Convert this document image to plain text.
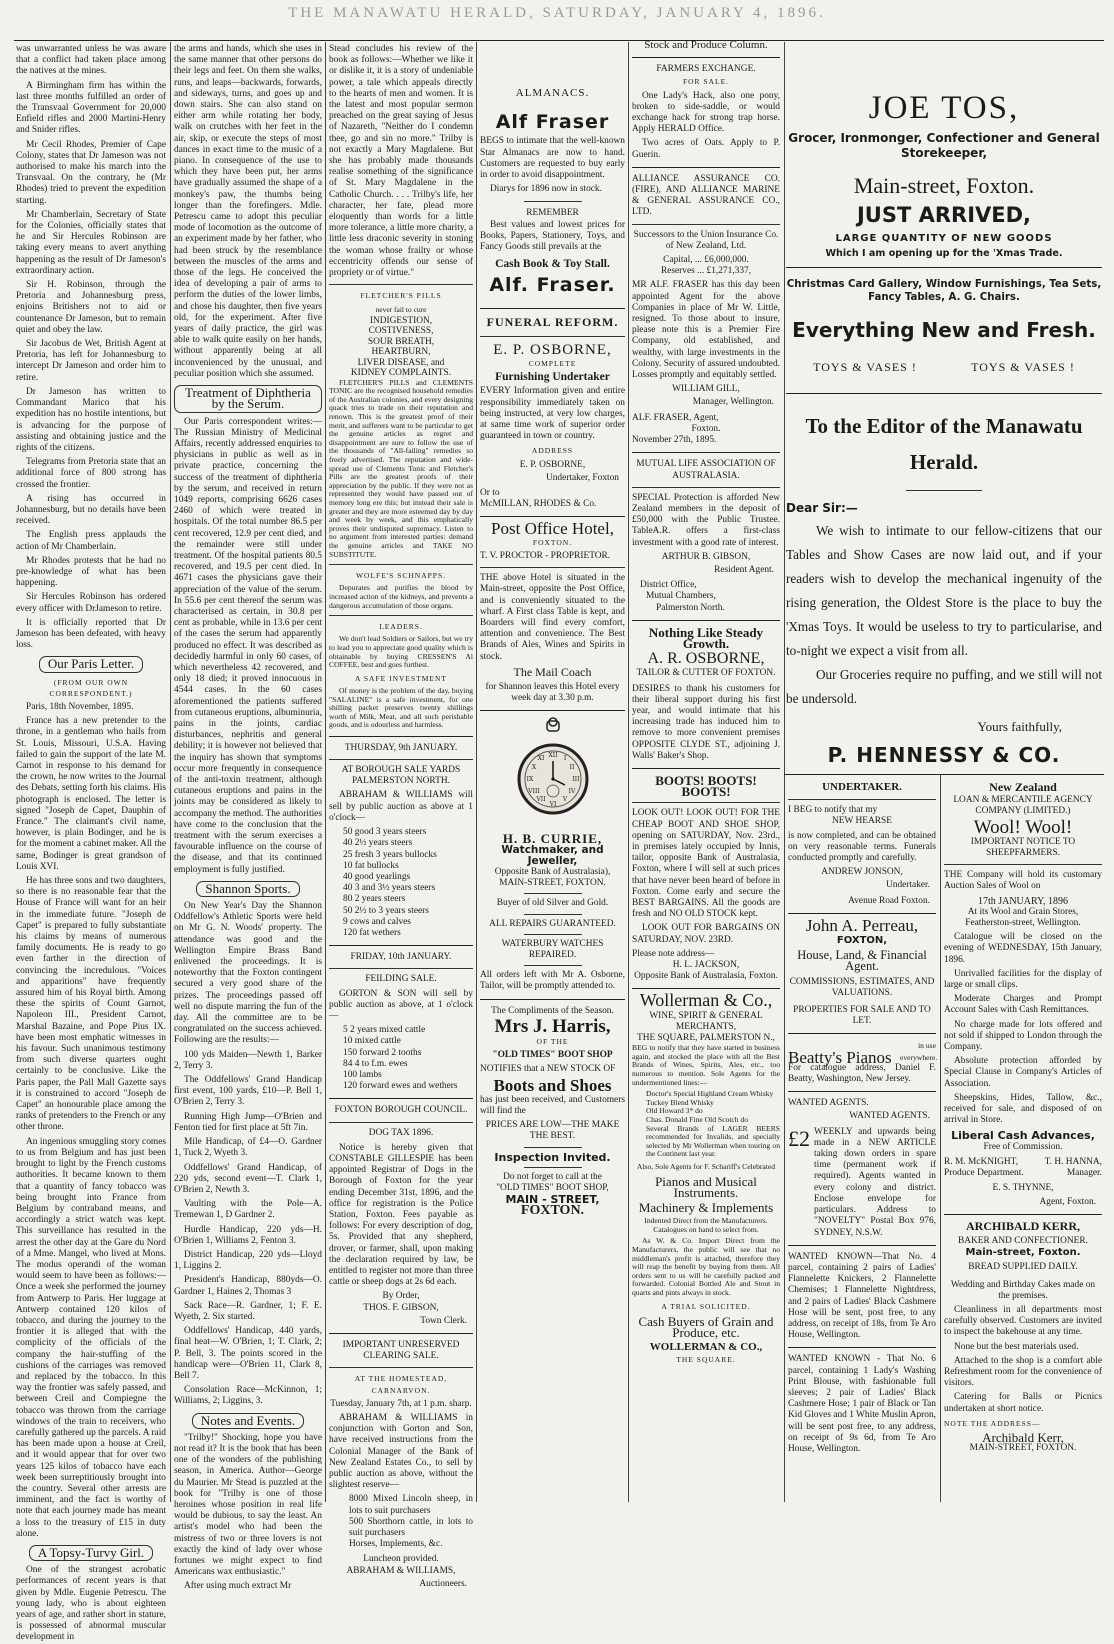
THE MANAWATU HERALD, SATURDAY, JANUARY 4, 1896.

was unwarranted unless he was aware that a conflict had taken place among the natives at the mines.

A Birmingham firm has within the last three months fulfilled an order of the Transvaal Government for 20,000 Enfield rifles and 2000 Martini-Henry and Snider rifles.

Mr Cecil Rhodes, Premier of Cape Colony, states that Dr Jameson was not authorised to make his march into the Transvaal. On the contrary, he (Mr Rhodes) tried to prevent the expedition starting.

Mr Chamberlain, Secretary of State for the Colonies, officially states that he and Sir Hercules Robinson are taking every means to avert anything happening as the result of Dr Jameson's extraordinary action.

Sir H. Robinson, through the Pretoria and Johannesburg press, enjoins Britishers not to aid or countenance Dr Jameson, but to remain quiet and obey the law.

Sir Jacobus de Wet, British Agent at Pretoria, has left for Johannesburg to intercept Dr Jameson and order him to retire.

Dr Jameson has written to Commandant Marico that his expedition has no hostile intentions, but is advancing for the purpose of assisting and obtaining justice and the rights of the citizens.

Telegrams from Pretoria state that an additional force of 800 strong has crossed the frontier.

A rising has occurred in Johannesburg, but no details have been received.

The English press applauds the action of Mr Chamberlain.

Mr Rhodes protests that he had no pre-knowledge of what has been happening.

Sir Hercules Robinson has ordered every officer with DrJameson to retire.

It is officially reported that Dr Jameson has been defeated, with heavy loss.

Our Paris Letter.
(FROM OUR OWN CORRESPONDENT.)

Paris, 18th November, 1895.

France has a new pretender to the throne, in a gentleman who hails from St. Louis, Missouri, U.S.A. Having failed to gain the support of the late M. Carnot in response to his demand for the crown, he now writes to the Journal des Debats, setting forth his claims. His photograph is enclosed. The letter is signed "Joseph de Capet, Dauphin of France." The claimant's civil name, however, is plain Bodinger, and he is for the moment a cabinet maker. All the same, Bodinger is great grandson of Louis XVI.

He has three sons and two daughters, so there is no reasonable fear that the House of France will want for an heir in the immediate future. "Joseph de Capet" is prepared to fully substantiate his claims by means of numerous family documents. He is ready to go even farther in the direction of convincing the incredulous. "Voices and apparitions" have frequently assured him of his Royal birth. Among these the spirits of Count Garnot, Napoleon III., President Carnot, Marshal Bazaine, and Pope Pius IX. have been most emphatic witnesses in his favour. Such unanimous testimony from such diverse quarters ought certainly to be conclusive. Like the Paris paper, the Pall Mall Gazette says it is constrained to accord "Joseph de Capet" an honourable place among the ranks of pretenders to the French or any other throne.

An ingenious smuggling story comes to us from Belgium and has just been brought to light by the French customs authorities. It became known to them that a quantity of fancy tobacco was being brought into France from Belgium by contraband means, and accordingly a strict watch was kept. This surveillance has resulted in the arrest the other day at the Gare du Nord of a Mme. Mangel, who lived at Mons. The modus operandi of the woman would seem to have been as follows:—Once a week she performed the journey from Antwerp to Paris. Her luggage at Antwerp contained 120 kilos of tobacco, and during the journey to the frontier it is alleged that with the complicity of the officials of the company the hair-stuffing of the cushions of the carriages was removed and replaced by the tobacco. In this way the frontier was safely passed, and between Creil and Compiegne the tobacco was thrown from the carriage windows of the train to receivers, who carefully gathered up the parcels. A raid has been made upon a house at Creil, and it would appear that for over two years 125 kilos of tobacco have each week been surreptitiously brought into the country. Several other arrests are imminent, and the fact is worthy of note that each journey made has meant a loss to the treasury of £15 in duty alone.

A Topsy-Turvy Girl.

One of the strangest acrobatic performances of recent years is that given by Mdle. Eugenie Petrescu. The young lady, who is about eighteen years of age, and rather short in stature, is possessed of abnormal muscular development in

the arms and hands, which she uses in the same manner that other persons do their legs and feet. On them she walks, runs, and leaps—backwards, forwards, and sideways, turns, and goes up and down stairs. She can also stand on either arm while rotating her body, walk on crutches with her feet in the air, skip, or execute the steps of most dances in exact time to the music of a piano. In consequence of the use to which they have been put, her arms have gradually assumed the shape of a monkey's paw, the thumbs being longer than the forefingers. Mdle. Petrescu came to adopt this peculiar mode of locomotion as the outcome of an experiment made by her father, who had been struck by the resemblance between the muscles of the arms and those of the legs. He conceived the idea of developing a pair of arms to perform the duties of the lower limbs, and chose his daughter, then five years old, for the experiment. After five years of daily practice, the girl was able to walk quite easily on her hands, without apparently being at all inconvenienced by the unusual, and peculiar position which she assumed.

Treatment of Diphtheria by the Serum.

Our Paris correspondent writes:—The Russian Ministry of Medicinal Affairs, recently addressed enquiries to physicians in public as well as in private practice, concerning the success of the treatment of diphtheria by the serum, and received in return 1049 reports, comprising 6626 cases 2460 of which were treated in hospitals. Of the total number 86.5 per cent recovered, 12.9 per cent died, and the remainder were still under treatment. Of the hospital patients 80.5 recovered, and 19.5 per cent died. In 4671 cases the physicians gave their appreciation of the value of the serum. In 55.6 per cent thereof the serum was characterised as certain, in 30.8 per cent as probable, while in 13.6 per cent of the cases the serum had apparently produced no effect. It was described as decidedly harmful in only 60 cases, of which nevertheless 42 recovered, and only 18 died; it proved innocuous in 4544 cases. In the 60 cases aforementioned the patients suffered from cutaneous eruptions, albuminuria, pains in the joints, cardiac disturbances, nephritis and general debility; it is however not believed that the inquiry has shown that symptoms occur more frequently in consequence of the anti-toxin treatment, although cutaneous eruptions and pains in the joints may be considered as likely to accompany the method. The authorities have come to the conclusion that the treatment with the serum exercises a favourable influence on the course of the disease, and that its continued employment is fully justified.

Shannon Sports.

On New Year's Day the Shannon Oddfellow's Athletic Sports were held on Mr G. N. Woods' property. The attendance was good and the Wellington Empire Brass Band enlivened the proceedings. It is noteworthy that the Foxton contingent secured a very good share of the prizes. The proceedings passed off well no dispute marring the fun of the day. All the committee are to be congratulated on the success achieved. Following are the results:—

100 yds Maiden—Newth 1, Barker 2, Terry 3.

The Oddfellows' Grand Handicap first event, 100 yards, £10—P. Bell 1, O'Brien 2, Terry 3.

Running High Jump—O'Brien and Fenton tied for first place at 5ft 7in.

Mile Handicap, of £4—O. Gardner 1, Tuck 2, Wyeth 3.

Oddfellows' Grand Handicap, of 220 yds, second event—T. Clark 1, O'Brien 2, Newth 3.

Vaulting with the Pole—A. Tremewan 1, D Gardner 2.

Hurdle Handicap, 220 yds—H. O'Brien 1, Williams 2, Fenton 3.

District Handicap, 220 yds—Lloyd 1, Liggins 2.

President's Handicap, 880yds—O. Gardner 1, Haines 2, Thomas 3

Sack Race—R. Gardner, 1; F. E. Wyeth, 2. Six started.

Oddfellows' Handicap, 440 yards, final heat—W. O'Brien, 1; T. Clark, 2; P. Bell, 3. The points scored in the handicap were—O'Brien 11, Clark 8, Bell 7.

Consolation Race—McKinnon, 1; Williams, 2; Liggins, 3.

Notes and Events.

"Trilby!" Shocking, hope you have not read it? It is the book that has been one of the wonders of the publishing season, in America. Author—George du Maurier. Mr Stead is puzzled at the book for "Trilby is one of those heroines whose position in real life would be dubious, to say the least. An artist's model who had been the mistress of two or three lovers is not exactly the kind of lady over whose fortunes we might expect to find Americans wax enthusiastic."

After using much extract Mr

Stead concludes his review of the book as follows:—Whether we like it or dislike it, it is a story of undeniable power, a tale which appeals directly to the hearts of men and women. It is the latest and most popular sermon preached on the great saying of Jesus of Nazareth, "Neither do I condemn thee, go and sin no more." Trilby is not exactly a Mary Magdalene. But she has probably made thousands realise something of the significance of St. Mary Magdalene in the Catholic Church. . . . Trilby's life, her character, her fate, plead more eloquently than words for a little more tolerance, a little more charity, a little less draconic severity in stoning the woman whose frailty or whose eccentricity offends our sense of propriety or of virtue."

FLETCHER'S PILLS
never fail to cure
INDIGESTION,
COSTIVENESS,
SOUR BREATH,
HEARTBURN,
LIVER DISEASE, and
KIDNEY COMPLAINTS.

FLETCHER'S PILLS and CLEMENTS TONIC are the recognised household remedies of the Australian colonies, and every designing quack tries to trade on their reputation and renown. This is the greatest proof of their merit, and sufferers want to be particular to get the genuine articles as regret and disappointment are sure to follow the use of the thousands of "All-failing" remedies so freely advertised. The reputation and wide-spread use of Clements Tonic and Fletcher's Pills are the greatest proofs of their appreciation by the public. If they were not as represented they would have passed out of memory long ere this; but instead their sale is greater and they are more esteemed day by day and week by week, and this emphatically proves their undisputed supremacy. Listen to no argument from interested parties: demand the genuine articles and TAKE NO SUBSTITUTE.

WOLFE'S SCHNAPPS.

Depurates and purifies the blood by increased action of the kidneys, and prevents a dangerous accumulation of those organs.

LEADERS.

We don't lead Soldiers or Sailors, but we try to lead you to appreciate good quality which is obtainable by buying CRESSEN'S Al COFFEE, best and goes furthest.

A SAFE INVESTMENT

Of money is the problem of the day, buying "SALALINE" is a safe investment, for one shilling packet preserves twenty shillings worth of Milk, Meat, and all such perishable goods, and is odourless and harmless.

THURSDAY, 9th JANUARY.
AT BOROUGH SALE YARDS PALMERSTON NORTH.

ABRAHAM & WILLIAMS will sell by public auction as above at 1 o'clock—

50 good 3 years steers
40 2½ years steers
25 fresh 3 years bullocks
10 fat bullocks
40 good yearlings
40 3 and 3½ years steers
80 2 years steers
50 2½ to 3 years steers
9 cows and calves
120 fat wethers
FRIDAY, 10th JANUARY.
FEILDING SALE.

GORTON & SON will sell by public auction as above, at 1 o'clock—

5 2 years mixed cattle
10 mixed cattle
150 forward 2 tooths
84 4 to f.m. ewes
100 lambs
120 forward ewes and wethers
FOXTON BOROUGH COUNCIL.
DOG TAX 1896.

Notice is hereby given that CONSTABLE GILLESPIE has been appointed Registrar of Dogs in the Borough of Foxton for the year ending December 31st, 1896, and the office for registration is the Police Station, Foxton. Fees payable as follows: For every description of dog, 5s. Provided that any shepherd, drover, or farmer, shall, upon making the declaration required by law, be entitled to register not more than three cattle or sheep dogs at 2s 6d each.

By Order,
THOS. F. GIBSON,
Town Clerk.
IMPORTANT UNRESERVED CLEARING SALE.
AT THE HOMESTEAD, CARNARVON.
Tuesday, January 7th, at 1 p.m. sharp.

ABRAHAM & WILLIAMS in conjunction with Gorton and Son, have received instructions from the Colonial Manager of the Bank of New Zealand Estates Co., to sell by public auction as above, without the slightest reserve—

8000 Mixed Lincoln sheep, in lots to suit purchasers
500 Shorthorn cattle, in lots to suit purchasers
Horses, Implements, &c.
Luncheon provided.
ABRAHAM & WILLIAMS,
Auctioneers.
ALMANACS.
Alf Fraser

BEGS to intimate that the well-known Star Almanacs are now to hand. Customers are requested to buy early in order to avoid disappointment.

Diarys for 1896 now in stock.

REMEMBER

Best values and lowest prices for Books, Papers, Stationery, Toys, and Fancy Goods still prevails at the

Cash Book & Toy Stall.
Alf. Fraser.
FUNERAL REFORM.
E. P. OSBORNE,
COMPLETE
Furnishing Undertaker

EVERY Information given and entire responsibility immediately taken on being instructed, at very low charges, at same time work of superior order guaranteed in town or country.

ADDRESS
E. P. OSBORNE,
Undertaker, Foxton
Or to
McMILLAN, RHODES & Co.
Post Office Hotel,
FOXTON.
T. V. PROCTOR - PROPRIETOR.

THE above Hotel is situated in the Main-street, opposite the Post Office, and is conveniently situated to the wharf. A First class Table is kept, and Boarders will find every comfort, attention and convenience. The Best Brands of Ales, Wines and Spirits in stock.

The Mail Coach
for Shannon leaves this Hotel every week day at 3.30 p.m.
XII
VI
IX	III
I
II
IV
V
VII
VIII
X
XI
H. B. CURRIE,
Watchmaker, and Jeweller,
Opposite Bank of Australasia),
MAIN-STREET, FOXTON.
Buyer of old Silver and Gold.
ALL REPAIRS GUARANTEED.
WATERBURY WATCHES REPAIRED.

All orders left with Mr A. Osborne, Tailor, will be promptly attended to.

The Compliments of the Season.
Mrs J. Harris,
OF THE
"OLD TIMES" BOOT SHOP

NOTIFIES that a NEW STOCK OF

Boots and Shoes

has just been received, and Customers will find the

PRICES ARE LOW—THE MAKE THE BEST.
Inspection Invited.
Do not forget to call at the
"OLD TIMES" BOOT SHOP,
MAIN - STREET,
FOXTON.
Stock and Produce Column.
FARMERS EXCHANGE.
FOR SALE.

One Lady's Hack, also one pony, broken to side-saddle, or would exchange hack for strong trap horse. Apply HERALD Office.

Two acres of Oats. Apply to P. Guerin.

ALLIANCE ASSURANCE CO. (FIRE), AND ALLIANCE MARINE & GENERAL ASSURANCE CO., LTD.
Successors to the Union Insurance Co. of New Zealand, Ltd.
Capital, ... £6,000,000.
Reserves ... £1,271,337,

MR ALF. FRASER has this day been appointed Agent for the above Companies in place of Mr W. Little, resigned. To those about to insure, please note this is a Premier Fire Company, old established, and wealthy, with large investments in the Colony. Security of assured undoubted. Losses promptly and equitably settled.

WILLIAM GILL,
Manager, Wellington.
ALF. FRASER, Agent,
Foxton.
November 27th, 1895.
MUTUAL LIFE ASSOCIATION OF AUSTRALASIA.

SPECIAL Protection is afforded New Zealand members in the deposit of £50,000 with the Public Trustee. TableA.R. offers a first-class investment with a good rate of interest.

ARTHUR B. GIBSON,
Resident Agent.
District Office,
Mutual Chambers,
Palmerston North.
Nothing Like Steady Growth.
A. R. OSBORNE,
TAILOR & CUTTER OF FOXTON.

DESIRES to thank his customers for their liberal support during his first year, and would intimate that his increasing trade has induced him to remove to more convenient premises OPPOSITE CLYDE ST., adjoining J. Walls' Baker's Shop.

BOOTS! BOOTS! BOOTS!

LOOK OUT! LOOK OUT! FOR THE CHEAP BOOT AND SHOE SHOP, opening on SATURDAY, Nov. 23rd., in premises lately occupied by Innis, tailor, opposite Bank of Australasia, Foxton, where I will sell at such prices that have never been heard of before in Foxton. Come early and secure the BEST BARGAINS. All the goods are fresh and NO OLD STOCK kept.

LOOK OUT FOR BARGAINS ON SATURDAY, NOV. 23RD.

Please note address—
H. L. JACKSON,
Opposite Bank of Australasia, Foxton.
Wollerman & Co.,
WINE, SPIRIT & GENERAL MERCHANTS,
THE SQUARE, PALMERSTON N.,

BEG to notify that they have started in business again, and stocked the place with all the Best Brands of Wines, Spirits, Ales, etc., too numerous to mention. Sole Agents for the undermentioned lines:—

Doctor's Special Highland Cream Whisky
Tuckey Blend Whisky
Old Howard 3* do
Chas. Donald Fine Old Scotch do
Several Brands of LAGER BEERS recommended for Invalids, and specially selected by Mr Wollerman when touring on the Continent last year.
Also, Sole Agents for F. Schariff's Celebrated
Pianos and Musical Instruments.
Machinery & Implements
Indented Direct from the Manufacturers. Catalogues on hand to select from.

As W. & Co. Import Direct from the Manufacturers, the public will see that no middleman's profit is attached, therefore they will reap the benefit by buying from them. All orders sent to us will be carefully packed and forwarded. Colonial Bottled Ale and Stout in quarts and pints always in stock.

A TRIAL SOLICITED.
Cash Buyers of Grain and Produce, etc.
WOLLERMAN & CO.,
THE SQUARE.
JOE TOS,
Grocer, Ironmonger, Confectioner and General Storekeeper,
Main-street, Foxton.
JUST ARRIVED,
LARGE QUANTITY OF NEW GOODS
Which I am opening up for the 'Xmas Trade.
Christmas Card Gallery, Window Furnishings, Tea Sets, Fancy Tables, A. G. Chairs.
Everything New and Fresh.
TOYS & VASES !	TOYS & VASES !
To the Editor of the Manawatu Herald.
Dear Sir:—

We wish to intimate to our fellow-citizens that our Tables and Show Cases are now laid out, and if your readers wish to develop the mechanical ingenuity of the rising generation, the Oldest Store is the place to buy the 'Xmas Toys. It would be useless to try to particularise, and to-night we expect a visit from all.

Our Groceries require no puffing, and we still will not be undersold.

Yours faithfully,
P. HENNESSY & CO.
UNDERTAKER.
I BEG to notify that my
NEW HEARSE

is now completed, and can be obtained on very reasonable terms. Funerals conducted promptly and carefully.

ANDREW JONSON,
Undertaker.
Avenue Road Foxton.
John A. Perreau,
FOXTON,
House, Land, & Financial Agent.
COMMISSIONS, ESTIMATES, AND VALUATIONS.
PROPERTIES FOR SALE AND TO LET.
Beatty's Pianos
in use everywhere.

For catalogue address, Daniel F. Beatty, Washington, New Jersey.

WANTED AGENTS.
WANTED AGENTS.
£2 WEEKLY and upwards being made in a NEW ARTICLE taking down orders in spare time (permanent work if required). Agents wanted in every colony and district. Enclose envelope for particulars. Address to "NOVELTY" Postal Box 976, SYDNEY, N.S.W.

WANTED KNOWN—That No. 4 parcel, containing 2 pairs of Ladies' Flannelette Knickers, 2 Flannelette Chemises; 1 Flannelette Nightdress, and 2 pairs of Ladies' Black Cashmere Hose will be sent, post free, to any address, on receipt of 18s, from Te Aro House, Wellington.

WANTED KNOWN - That No. 6 parcel, containing 1 Lady's Washing Print Blouse, with fashionable full sleeves; 2 pair of Ladies' Black Cashmere Hose; 1 pair of Black or Tan Kid Gloves and 1 White Muslin Apron, will be sent post free, to any address, on receipt of 9s 6d, from Te Aro House, Wellington.

New Zealand
LOAN & MERCANTILE AGENCY COMPANY (LIMITED.)
Wool! Wool!
IMPORTANT NOTICE TO SHEEPFARMERS.

THE Company will hold its customary Auction Sales of Wool on

17th JANUARY, 1896

At its Wool and Grain Stores, Featherston-street, Wellington.

Catalogue will be closed on the evening of WEDNESDAY, 15th January, 1896.

Unrivalled facilities for the display of large or small clips.

Moderate Charges and Prompt Account Sales with Cash Remittances.

No charge made for lots offered and not sold if shipped to London through the Company.

Absolute protection afforded by Special Clause in Company's Articles of Association.

Sheepskins, Hides, Tallow, &c., received for sale, and disposed of on arrival in Store.

Liberal Cash Advances,
Free of Commission.
R. M. McKNIGHT,	T. H. HANNA,
Produce Department.	Manager.
E. S. THYNNE,
Agent, Foxton.
ARCHIBALD KERR,
BAKER AND CONFECTIONER.
Main-street, Foxton.
BREAD SUPPLIED DAILY.

Wedding and Birthday Cakes made on the premises.

Cleanliness in all departments most carefully observed. Customers are invited to inspect the bakehouse at any time.

None but the best materials used.

Attached to the shop is a comfort able Refreshment room for the convenience of visitors.

Catering for Balls or Picnics undertaken at short notice.

NOTE THE ADDRESS—
Archibald Kerr,
MAIN-STREET, FOXTON.
